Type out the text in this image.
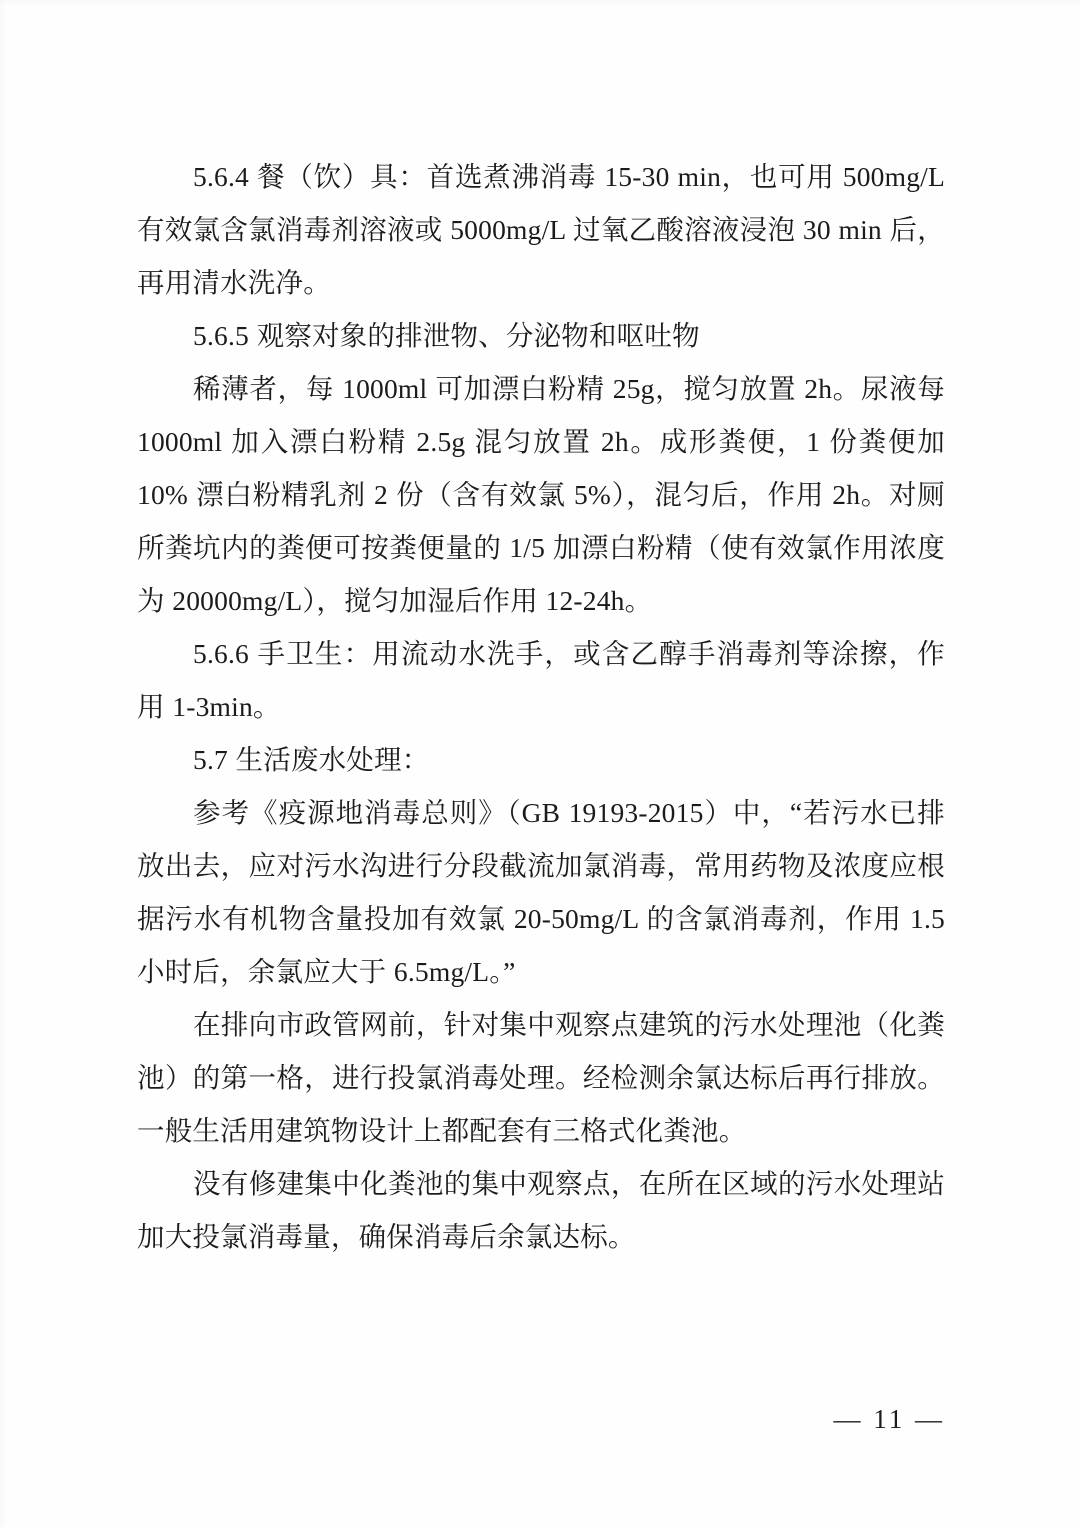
5.6.4 餐（饮）具：首选煮沸消毒 15-30 min，也可用 500mg/L 有效氯含氯消毒剂溶液或 5000mg/L 过氧乙酸溶液浸泡 30 min 后，再用清水洗净。

5.6.5 观察对象的排泄物、分泌物和呕吐物

稀薄者，每 1000ml 可加漂白粉精 25g，搅匀放置 2h。尿液每 1000ml 加入漂白粉精 2.5g 混匀放置 2h。成形粪便，1 份粪便加 10% 漂白粉精乳剂 2 份（含有效氯 5%），混匀后，作用 2h。对厕所粪坑内的粪便可按粪便量的 1/5 加漂白粉精（使有效氯作用浓度为 20000mg/L），搅匀加湿后作用 12-24h。

5.6.6 手卫生：用流动水洗手，或含乙醇手消毒剂等涂擦，作用 1-3min。

5.7 生活废水处理：

参考《疫源地消毒总则》（GB 19193-2015）中，“若污水已排放出去，应对污水沟进行分段截流加氯消毒，常用药物及浓度应根据污水有机物含量投加有效氯 20-50mg/L 的含氯消毒剂，作用 1.5 小时后，余氯应大于 6.5mg/L。”

在排向市政管网前，针对集中观察点建筑的污水处理池（化粪池）的第一格，进行投氯消毒处理。经检测余氯达标后再行排放。一般生活用建筑物设计上都配套有三格式化粪池。

没有修建集中化粪池的集中观察点，在所在区域的污水处理站加大投氯消毒量，确保消毒后余氯达标。

— 11 —
